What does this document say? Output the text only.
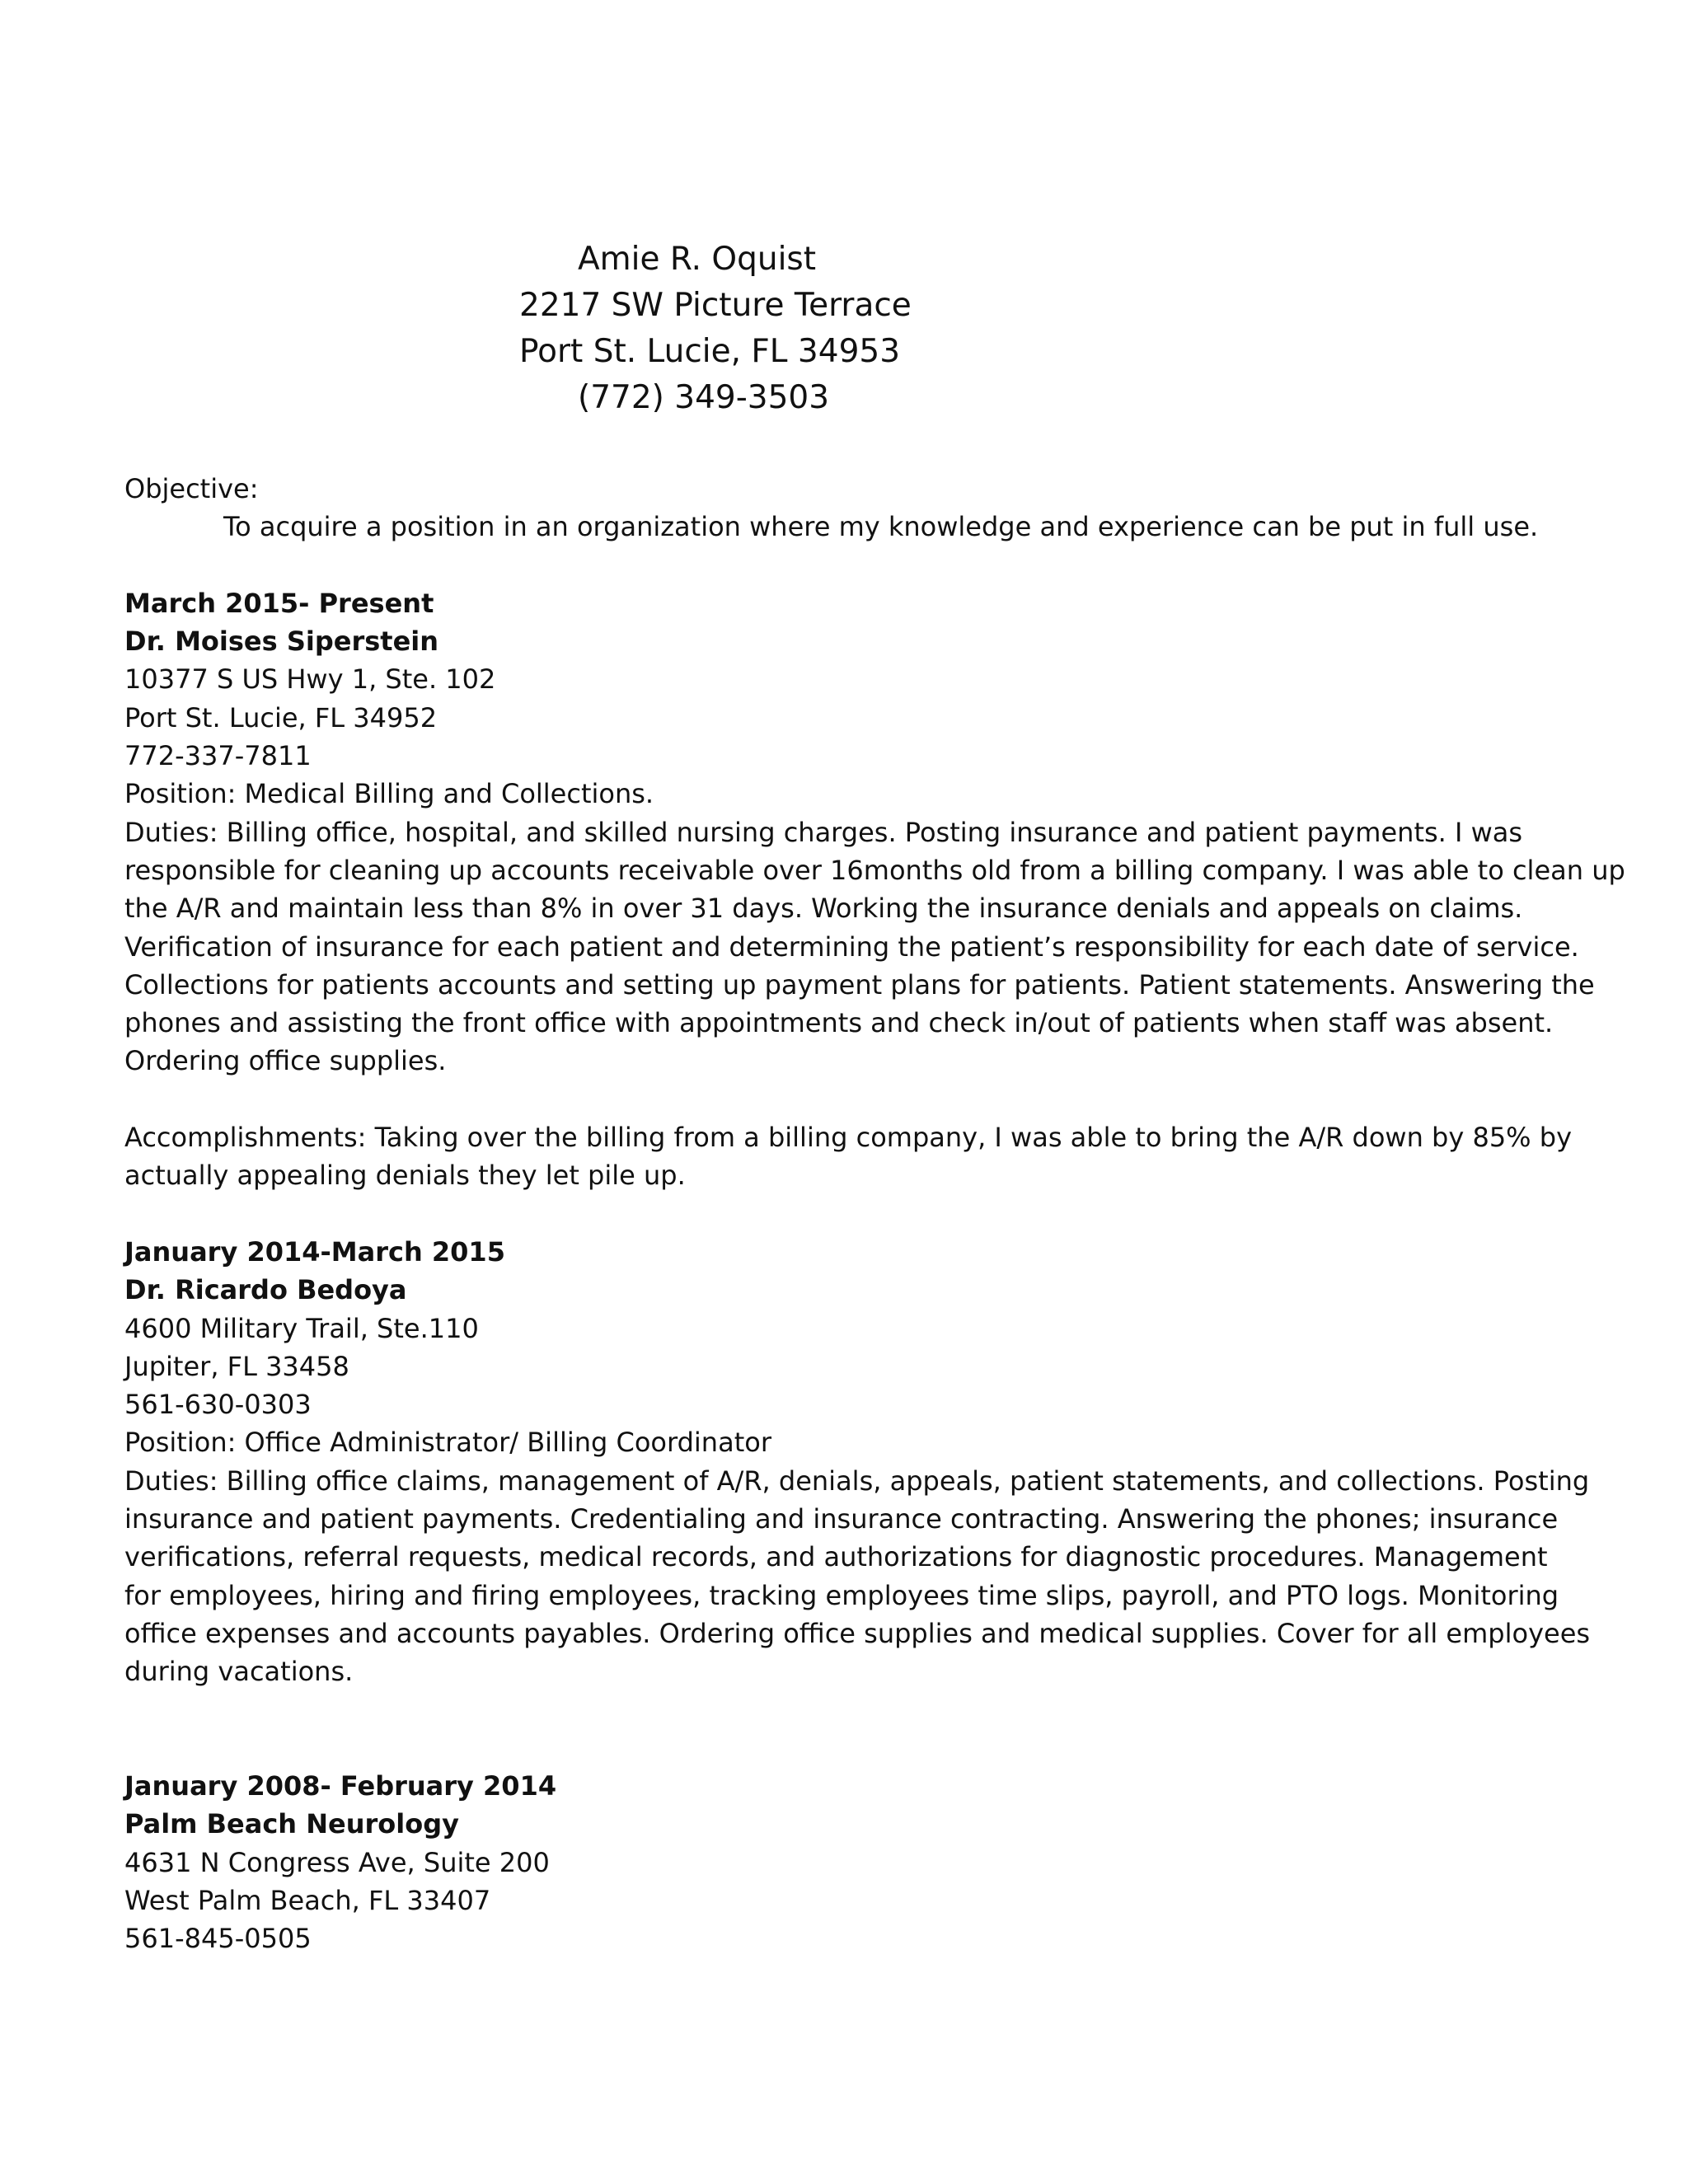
Amie R. Oquist
2217 SW Picture Terrace
Port St. Lucie, FL 34953
(772) 349-3503
Objective:
To acquire a position in an organization where my knowledge and experience can be put in full use.
March 2015- Present
Dr. Moises Siperstein
10377 S US Hwy 1, Ste. 102
Port St. Lucie, FL 34952
772-337-7811
Position: Medical Billing and Collections.
Duties: Billing office, hospital, and skilled nursing charges. Posting insurance and patient payments. I was
responsible for cleaning up accounts receivable over 16months old from a billing company. I was able to clean up
the A/R and maintain less than 8% in over 31 days. Working the insurance denials and appeals on claims.
Verification of insurance for each patient and determining the patient’s responsibility for each date of service.
Collections for patients accounts and setting up payment plans for patients. Patient statements. Answering the
phones and assisting the front office with appointments and check in/out of patients when staff was absent.
Ordering office supplies.
Accomplishments: Taking over the billing from a billing company, I was able to bring the A/R down by 85% by
actually appealing denials they let pile up.
January 2014-March 2015
Dr. Ricardo Bedoya
4600 Military Trail, Ste.110
Jupiter, FL 33458
561-630-0303
Position: Office Administrator/ Billing Coordinator
Duties: Billing office claims, management of A/R, denials, appeals, patient statements, and collections. Posting
insurance and patient payments. Credentialing and insurance contracting. Answering the phones; insurance
verifications, referral requests, medical records, and authorizations for diagnostic procedures. Management
for employees, hiring and firing employees, tracking employees time slips, payroll, and PTO logs. Monitoring
office expenses and accounts payables. Ordering office supplies and medical supplies. Cover for all employees
during vacations.
January 2008- February 2014
Palm Beach Neurology
4631 N Congress Ave, Suite 200
West Palm Beach, FL 33407
561-845-0505
